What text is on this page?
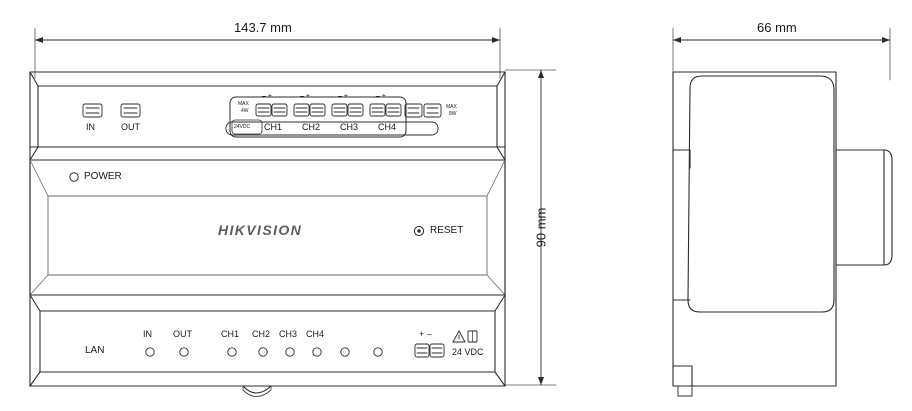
143.7 mm
90 mm
66 mm
IN	OUT
MAX
4W
24VDC
– +	– +	– +	– +
CH1 CH2 CH3 CH4
MAX
8W
POWER
RESET
HIKVISION
LAN
IN OUT	CH1 CH2 CH3 CH4	+ –
24 VDC
